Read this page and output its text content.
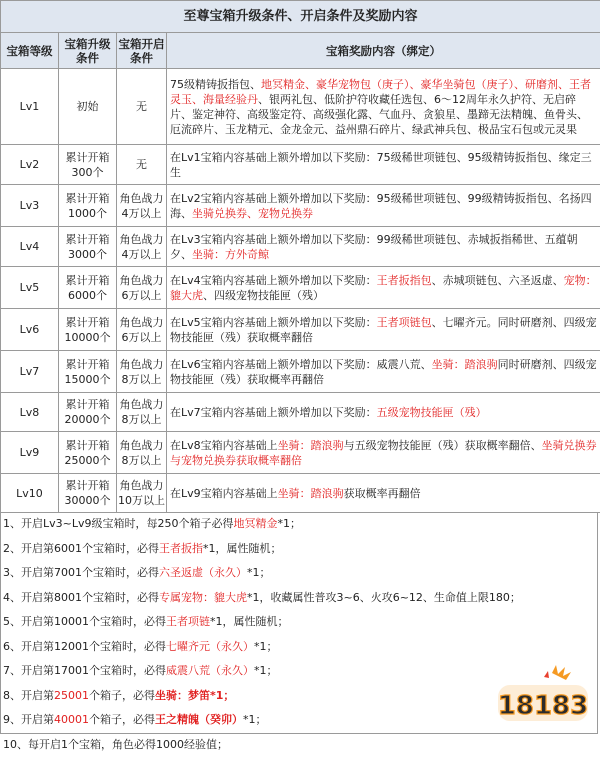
至尊宝箱升级条件、开启条件及奖励内容			
宝箱等级	宝箱升级条件	宝箱开启条件	宝箱奖励内容（绑定）
Lv1	初始	无	75级精铸扳指包、地冥精金、豪华宠物包（庚子）、豪华坐骑包（庚子）、研磨剂、王者灵玉、海量经验丹、银两礼包、低阶护符收藏任选包、6～12周年永久护符、无启碎片、鉴定神符、高级鉴定符、高级强化露、气血丹、贪狼星、墨蹄无法精魄、鱼骨头、厄流碎片、玉龙精元、金龙金元、益州鼎石碎片、绿武神兵包、极品宝石包或元灵果
Lv2	累计开箱300个	无	在Lv1宝箱内容基础上额外增加以下奖励：75级稀世项链包、95级精铸扳指包、缘定三生
Lv3	累计开箱1000个	角色战力4万以上	在Lv2宝箱内容基础上额外增加以下奖励：95级稀世项链包、99级精铸扳指包、名扬四海、坐骑兑换券、宠物兑换券
Lv4	累计开箱3000个	角色战力4万以上	在Lv3宝箱内容基础上额外增加以下奖励：99级稀世项链包、赤城扳指稀世、五蕴朝夕、坐骑：方外奇鲸
Lv5	累计开箱6000个	角色战力6万以上	在Lv4宝箱内容基础上额外增加以下奖励：王者扳指包、赤城项链包、六圣返虚、宠物：貔大虎、四级宠物技能匣（残）
Lv6	累计开箱10000个	角色战力6万以上	在Lv5宝箱内容基础上额外增加以下奖励：王者项链包、七曜齐元。同时研磨剂、四级宠物技能匣（残）获取概率翻倍
Lv7	累计开箱15000个	角色战力8万以上	在Lv6宝箱内容基础上额外增加以下奖励：威震八荒、坐骑：踏浪驹同时研磨剂、四级宠物技能匣（残）获取概率再翻倍
Lv8	累计开箱20000个	角色战力8万以上	在Lv7宝箱内容基础上额外增加以下奖励：五级宠物技能匣（残）
Lv9	累计开箱25000个	角色战力8万以上	在Lv8宝箱内容基础上坐骑：踏浪驹与五级宠物技能匣（残）获取概率翻倍、坐骑兑换券与宠物兑换券获取概率翻倍
Lv10	累计开箱30000个	角色战力10万以上	在Lv9宝箱内容基础上坐骑：踏浪驹获取概率再翻倍
1、开启Lv3~Lv9级宝箱时，每250个箱子必得地冥精金*1；
2、开启第6001个宝箱时，必得王者扳指*1，属性随机；
3、开启第7001个宝箱时，必得六圣返虚（永久）*1；
4、开启第8001个宝箱时，必得专属宠物：貔大虎*1，收藏属性普攻3~6、火攻6~12、生命值上限180；
5、开启第10001个宝箱时，必得王者项链*1，属性随机；
6、开启第12001个宝箱时，必得七曜齐元（永久）*1；
7、开启第17001个宝箱时，必得威震八荒（永久）*1；
8、开启第25001个箱子，必得坐骑：梦笛*1；
9、开启第40001个箱子，必得王之精魄（癸卯）*1；
10、每开启1个宝箱，角色必得1000经验值；
18183
